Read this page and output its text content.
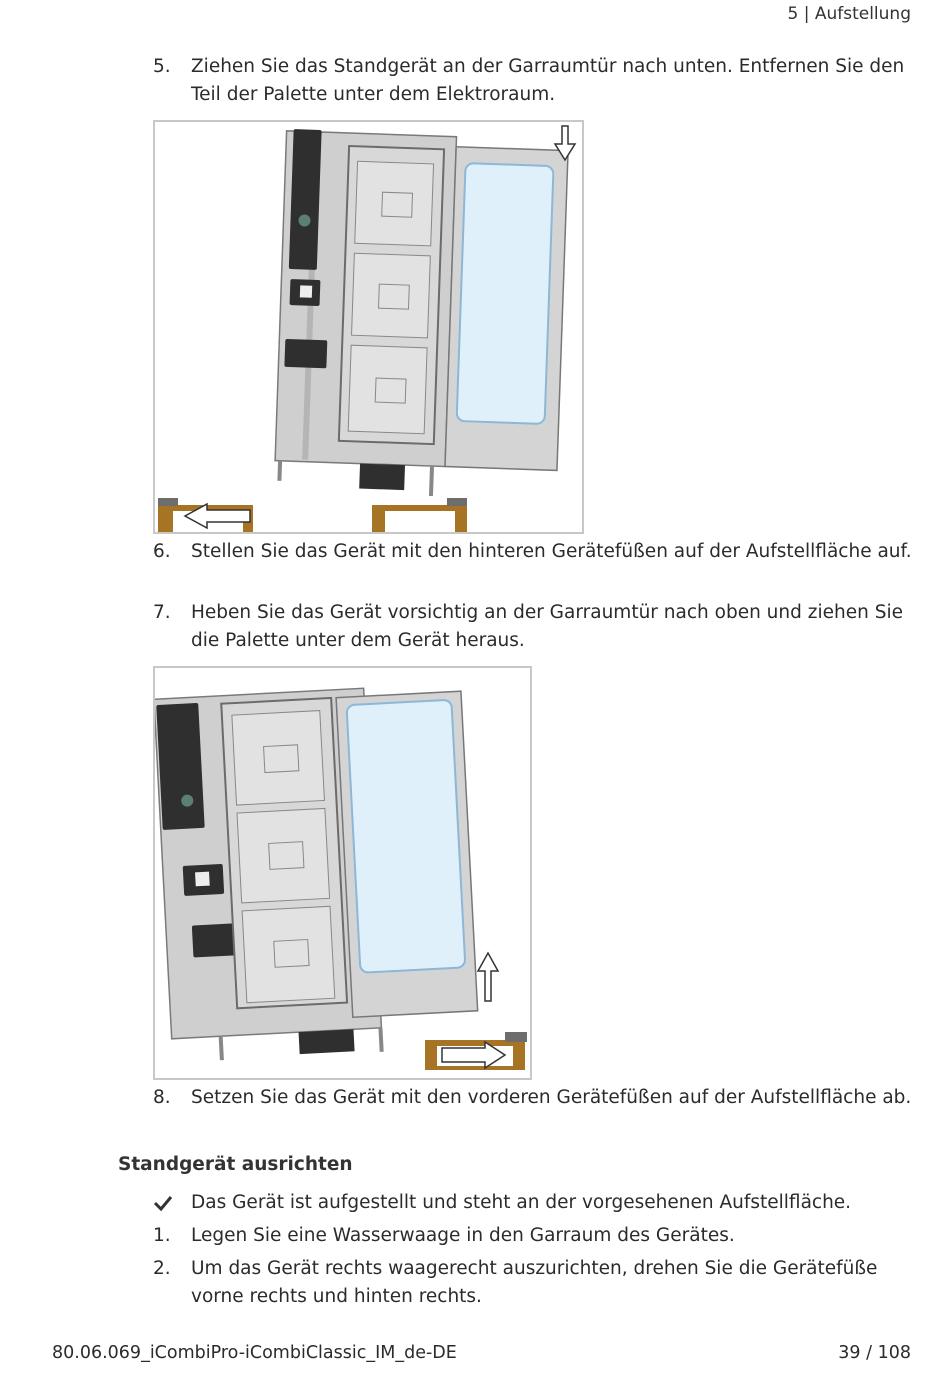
5 | Aufstellung
5. Ziehen Sie das Standgerät an der Garraumtür nach unten. Entfernen Sie den Teil der Palette unter dem Elektroraum.
6. Stellen Sie das Gerät mit den hinteren Gerätefüßen auf der Aufstellfläche auf.
7. Heben Sie das Gerät vorsichtig an der Garraumtür nach oben und ziehen Sie die Palette unter dem Gerät heraus.
8. Setzen Sie das Gerät mit den vorderen Gerätefüßen auf der Aufstellfläche ab.
Standgerät ausrichten
Das Gerät ist aufgestellt und steht an der vorgesehenen Aufstellfläche.
1. Legen Sie eine Wasserwaage in den Garraum des Gerätes.
2. Um das Gerät rechts waagerecht auszurichten, drehen Sie die Gerätefüße vorne rechts und hinten rechts.
80.06.069_iCombiPro-iCombiClassic_IM_de-DE	39 / 108
